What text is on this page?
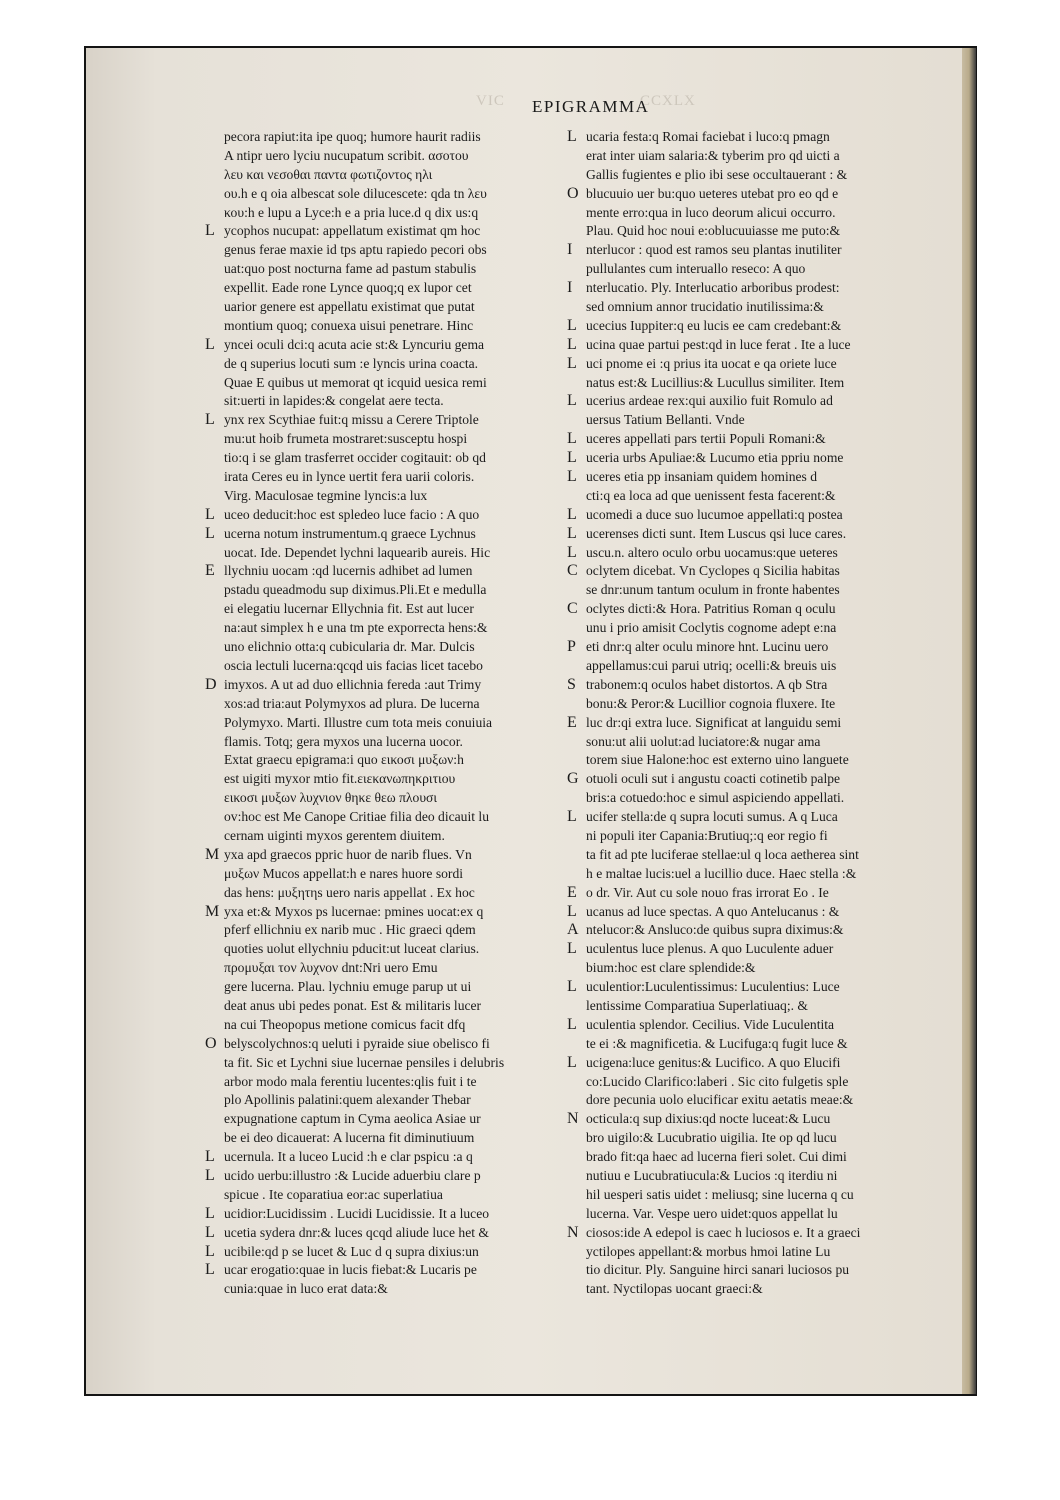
VIC	CCXLX
EPIGRAMMA
L
L
L
L
L
E
D
M
M
O
L
L
L
L
L
L
pecora rapiut:ita ipe quoq; humore haurit radiis
A ntipr uero lyciu nucupatum scribit. ασοτου
λευ και νεσοθαι παντα φωτιζοντος ηλι
ου.h e q oia albescat sole dilucescete: qda tn λευ
κου:h e lupu a Lyce:h e a pria luce.d q dix us:q
ycophos nucupat: appellatum existimat qm hoc
genus ferae maxie id tps aptu rapiedo pecori obs
uat:quo post nocturna fame ad pastum stabulis
expellit. Eade rone Lynce quoq;q ex lupor cet
uarior genere est appellatu existimat que putat
montium quoq; conuexa uisui penetrare. Hinc
yncei oculi dci:q acuta acie st:& Lyncuriu gema
de q superius locuti sum :e lyncis urina coacta.
Quae E quibus ut memorat qt icquid uesica remi
sit:uerti in lapides:& congelat aere tecta.
ynx rex Scythiae fuit:q missu a Cerere Triptole
mu:ut hoib frumeta mostraret:susceptu hospi
tio:q i se glam trasferret occider cogitauit: ob qd
irata Ceres eu in lynce uertit fera uarii coloris.
Virg. Maculosae tegmine lyncis:a lux
uceo deducit:hoc est spledeo luce facio : A quo
ucerna notum instrumentum.q graece Lychnus
uocat. Ide. Dependet lychni laquearib aureis. Hic
llychniu uocam :qd lucernis adhibet ad lumen
pstadu queadmodu sup diximus.Pli.Et e medulla
ei elegatiu lucernar Ellychnia fit. Est aut lucer
na:aut simplex h e una tm pte exporrecta hens:&
uno elichnio otta:q cubicularia dr. Mar. Dulcis
oscia lectuli lucerna:qcqd uis facias licet tacebo
imyxos. A ut ad duo ellichnia fereda :aut Trimy
xos:ad tria:aut Polymyxos ad plura. De lucerna
Polymyxo. Marti. Illustre cum tota meis conuiuia
flamis. Totq; gera myxos una lucerna uocor.
Extat graecu epigrama:i quo εικοσι μυξων:h
est uigiti myxor mtio fit.ειεκανωπηκριτιου
εικοσι μυξων λυχνιον θηκε θεω πλουσι
ov:hoc est Me Canope Critiae filia deo dicauit lu
cernam uiginti myxos gerentem diuitem.
yxa apd graecos ppric huor de narib flues. Vn
μυξων Mucos appellat:h e nares huore sordi
das hens: μυξητηs uero naris appellat . Ex hoc
yxa et:& Myxos ps lucernae: pmines uocat:ex q
pferf ellichniu ex narib muc . Hic graeci qdem
quoties uolut ellychniu pducit:ut luceat clarius.
προμυξαι τον λυχνον dnt:Nri uero Emu
gere lucerna. Plau. lychniu emuge parup ut ui
deat anus ubi pedes ponat. Est & militaris lucer
na cui Theopopus metione comicus facit dfq
belyscolychnos:q ueluti i pyraide siue obelisco fi
ta fit. Sic et Lychni siue lucernae pensiles i delubris
arbor modo mala ferentiu lucentes:qlis fuit i te
plo Apollinis palatini:quem alexander Thebar
expugnatione captum in Cyma aeolica Asiae ur
be ei deo dicauerat: A lucerna fit diminutiuum
ucernula. It a luceo Lucid :h e clar pspicu :a q
ucido uerbu:illustro :& Lucide aduerbiu clare p
spicue . Ite coparatiua eor:ac superlatiua
ucidior:Lucidissim . Lucidi Lucidissie. It a luceo
ucetia sydera dnr:& luces qcqd aliude luce het &
ucibile:qd p se lucet & Luc d q supra dixius:un
ucar erogatio:quae in lucis fiebat:& Lucaris pe
cunia:quae in luco erat data:&
L
O
I
I
L
L
L
L
L
L
L
L
L
L
C
C
P
S
E
G
L
E
L
A
L
L
L
L
N
N
ucaria festa:q Romai faciebat i luco:q pmagn
erat inter uiam salaria:& tyberim pro qd uicti a
Gallis fugientes e plio ibi sese occultauerant : &
blucuuio uer bu:quo ueteres utebat pro eo qd e
mente erro:qua in luco deorum alicui occurro.
Plau. Quid hoc noui e:oblucuuiasse me puto:&
nterlucor : quod est ramos seu plantas inutiliter
pullulantes cum interuallo reseco: A quo
nterlucatio. Ply. Interlucatio arboribus prodest:
sed omnium annor trucidatio inutilissima:&
ucecius Iuppiter:q eu lucis ee cam credebant:&
ucina quae partui pest:qd in luce ferat . Ite a luce
uci pnome ei :q prius ita uocat e qa oriete luce
natus est:& Lucillius:& Lucullus similiter. Item
ucerius ardeae rex:qui auxilio fuit Romulo ad
uersus Tatium Bellanti. Vnde
uceres appellati pars tertii Populi Romani:&
uceria urbs Apuliae:& Lucumo etia ppriu nome
uceres etia pp insaniam quidem homines d
cti:q ea loca ad que uenissent festa facerent:&
ucomedi a duce suo lucumoe appellati:q postea
ucerenses dicti sunt. Item Luscus qsi luce cares.
uscu.n. altero oculo orbu uocamus:que ueteres
oclytem dicebat. Vn Cyclopes q Sicilia habitas
se dnr:unum tantum oculum in fronte habentes
oclytes dicti:& Hora. Patritius Roman q oculu
unu i prio amisit Coclytis cognome adept e:na
eti dnr:q alter oculu minore hnt. Lucinu uero
appellamus:cui parui utriq; ocelli:& breuis uis
trabonem:q oculos habet distortos. A qb Stra
bonu:& Peror:& Lucillior cognoia fluxere. Ite
luc dr:qi extra luce. Significat at languidu semi
sonu:ut alii uolut:ad luciatore:& nugar ama
torem siue Halone:hoc est externo uino languete
otuoli oculi sut i angustu coacti cotinetib palpe
bris:a cotuedo:hoc e simul aspiciendo appellati.
ucifer stella:de q supra locuti sumus. A q Luca
ni populi iter Capania:Brutiuq;:q eor regio fi
ta fit ad pte luciferae stellae:ul q loca aetherea sint
h e maltae lucis:uel a lucillio duce. Haec stella :&
o dr. Vir. Aut cu sole nouo fras irrorat Eo . Ie
ucanus ad luce spectas. A quo Antelucanus : &
ntelucor:& Ansluco:de quibus supra diximus:&
uculentus luce plenus. A quo Luculente aduer
bium:hoc est clare splendide:&
uculentior:Luculentissimus: Luculentius: Luce
lentissime Comparatiua Superlatiuaq;. &
uculentia splendor. Cecilius. Vide Luculentita
te ei :& magnificetia. & Lucifuga:q fugit luce &
ucigena:luce genitus:& Lucifico. A quo Elucifi
co:Lucido Clarifico:laberi . Sic cito fulgetis sple
dore pecunia uolo elucificar exitu aetatis meae:&
octicula:q sup dixius:qd nocte luceat:& Lucu
bro uigilo:& Lucubratio uigilia. Ite op qd lucu
brado fit:qa haec ad lucerna fieri solet. Cui dimi
nutiuu e Lucubratiucula:& Lucios :q iterdiu ni
hil uesperi satis uidet : meliusq; sine lucerna q cu
lucerna. Var. Vespe uero uidet:quos appellat lu
ciosos:ide A edepol is caec h luciosos e. It a graeci
yctilopes appellant:& morbus hmoi latine Lu
tio dicitur. Ply. Sanguine hirci sanari luciosos pu
tant. Nyctilopas uocant graeci:&
